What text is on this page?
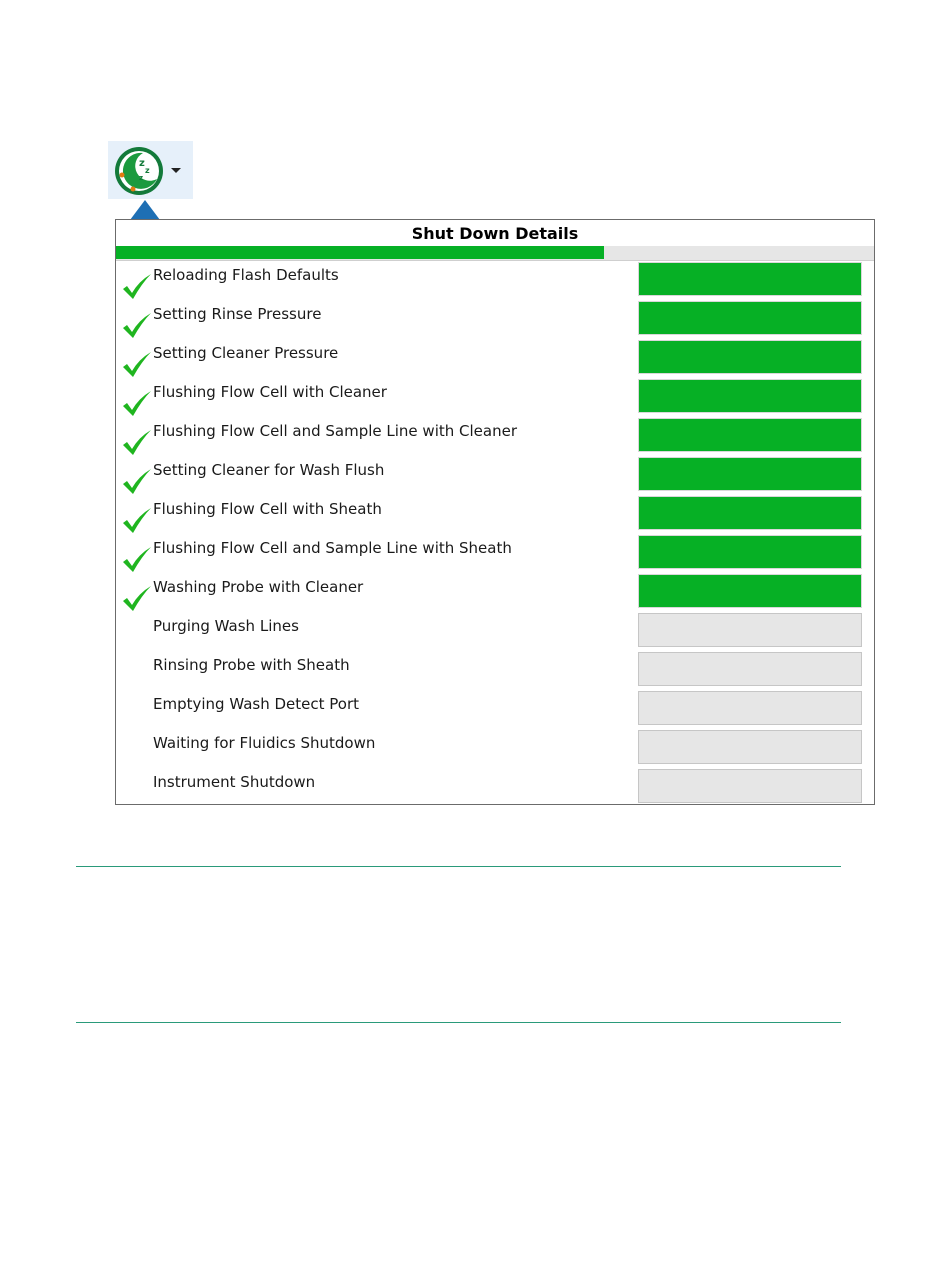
z
z
z
Shut Down Details
Reloading Flash Defaults
Setting Rinse Pressure
Setting Cleaner Pressure
Flushing Flow Cell with Cleaner
Flushing Flow Cell and Sample Line with Cleaner
Setting Cleaner for Wash Flush
Flushing Flow Cell with Sheath
Flushing Flow Cell and Sample Line with Sheath
Washing Probe with Cleaner
Purging Wash Lines
Rinsing Probe with Sheath
Emptying Wash Detect Port
Waiting for Fluidics Shutdown
Instrument Shutdown
